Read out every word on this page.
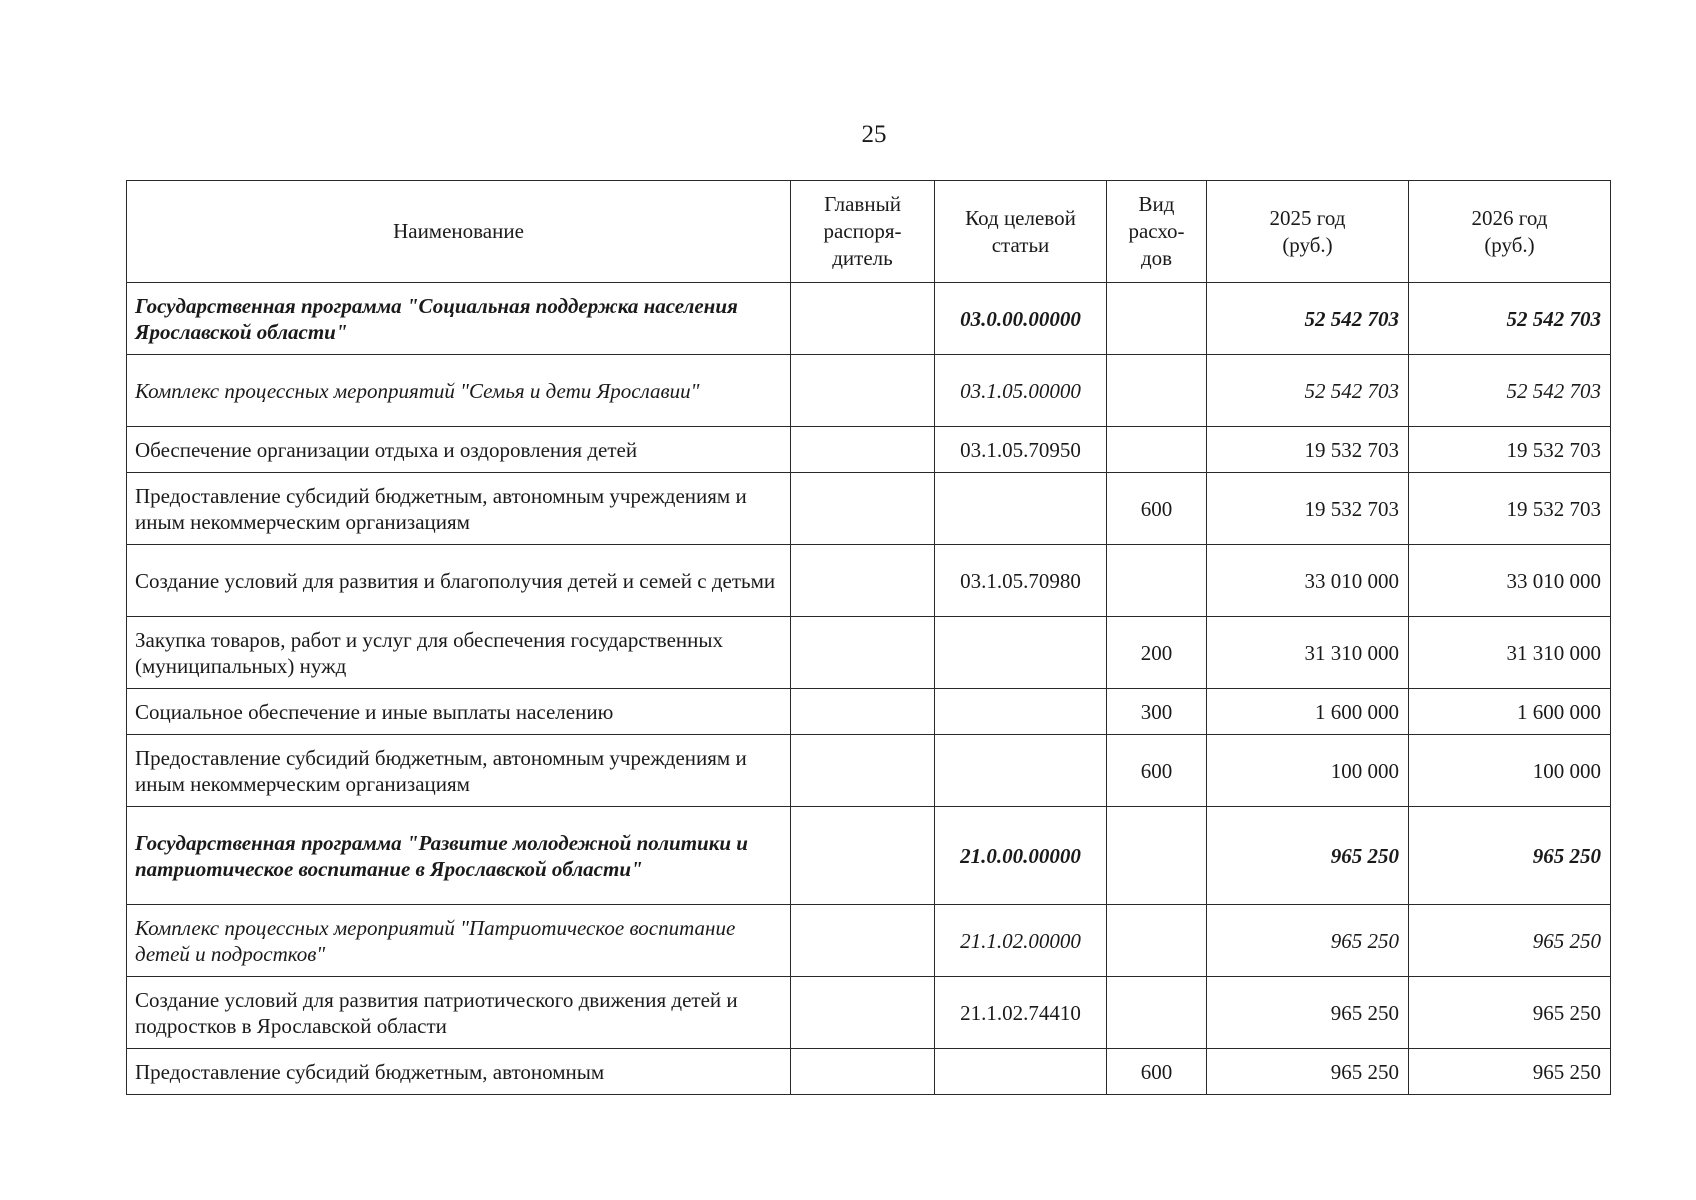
25
Наименование	Главный распоря-дитель	Код целевой статьи	Вид расхо-дов	2025 год (руб.)	2026 год (руб.)
Государственная программа "Социальная поддержка населения Ярославской области"		03.0.00.00000		52 542 703	52 542 703
Комплекс процессных мероприятий "Семья и дети Ярославии"		03.1.05.00000		52 542 703	52 542 703
Обеспечение организации отдыха и оздоровления детей		03.1.05.70950		19 532 703	19 532 703
Предоставление субсидий бюджетным, автономным учреждениям и иным некоммерческим организациям			600	19 532 703	19 532 703
Создание условий для развития и благополучия детей и семей с детьми		03.1.05.70980		33 010 000	33 010 000
Закупка товаров, работ и услуг для обеспечения государственных (муниципальных) нужд			200	31 310 000	31 310 000
Социальное обеспечение и иные выплаты населению			300	1 600 000	1 600 000
Предоставление субсидий бюджетным, автономным учреждениям и иным некоммерческим организациям			600	100 000	100 000
Государственная программа "Развитие молодежной политики и патриотическое воспитание в Ярославской области"		21.0.00.00000		965 250	965 250
Комплекс процессных мероприятий "Патриотическое воспитание детей и подростков"		21.1.02.00000		965 250	965 250
Создание условий для развития патриотического движения детей и подростков в Ярославской области		21.1.02.74410		965 250	965 250
Предоставление субсидий бюджетным, автономным			600	965 250	965 250
